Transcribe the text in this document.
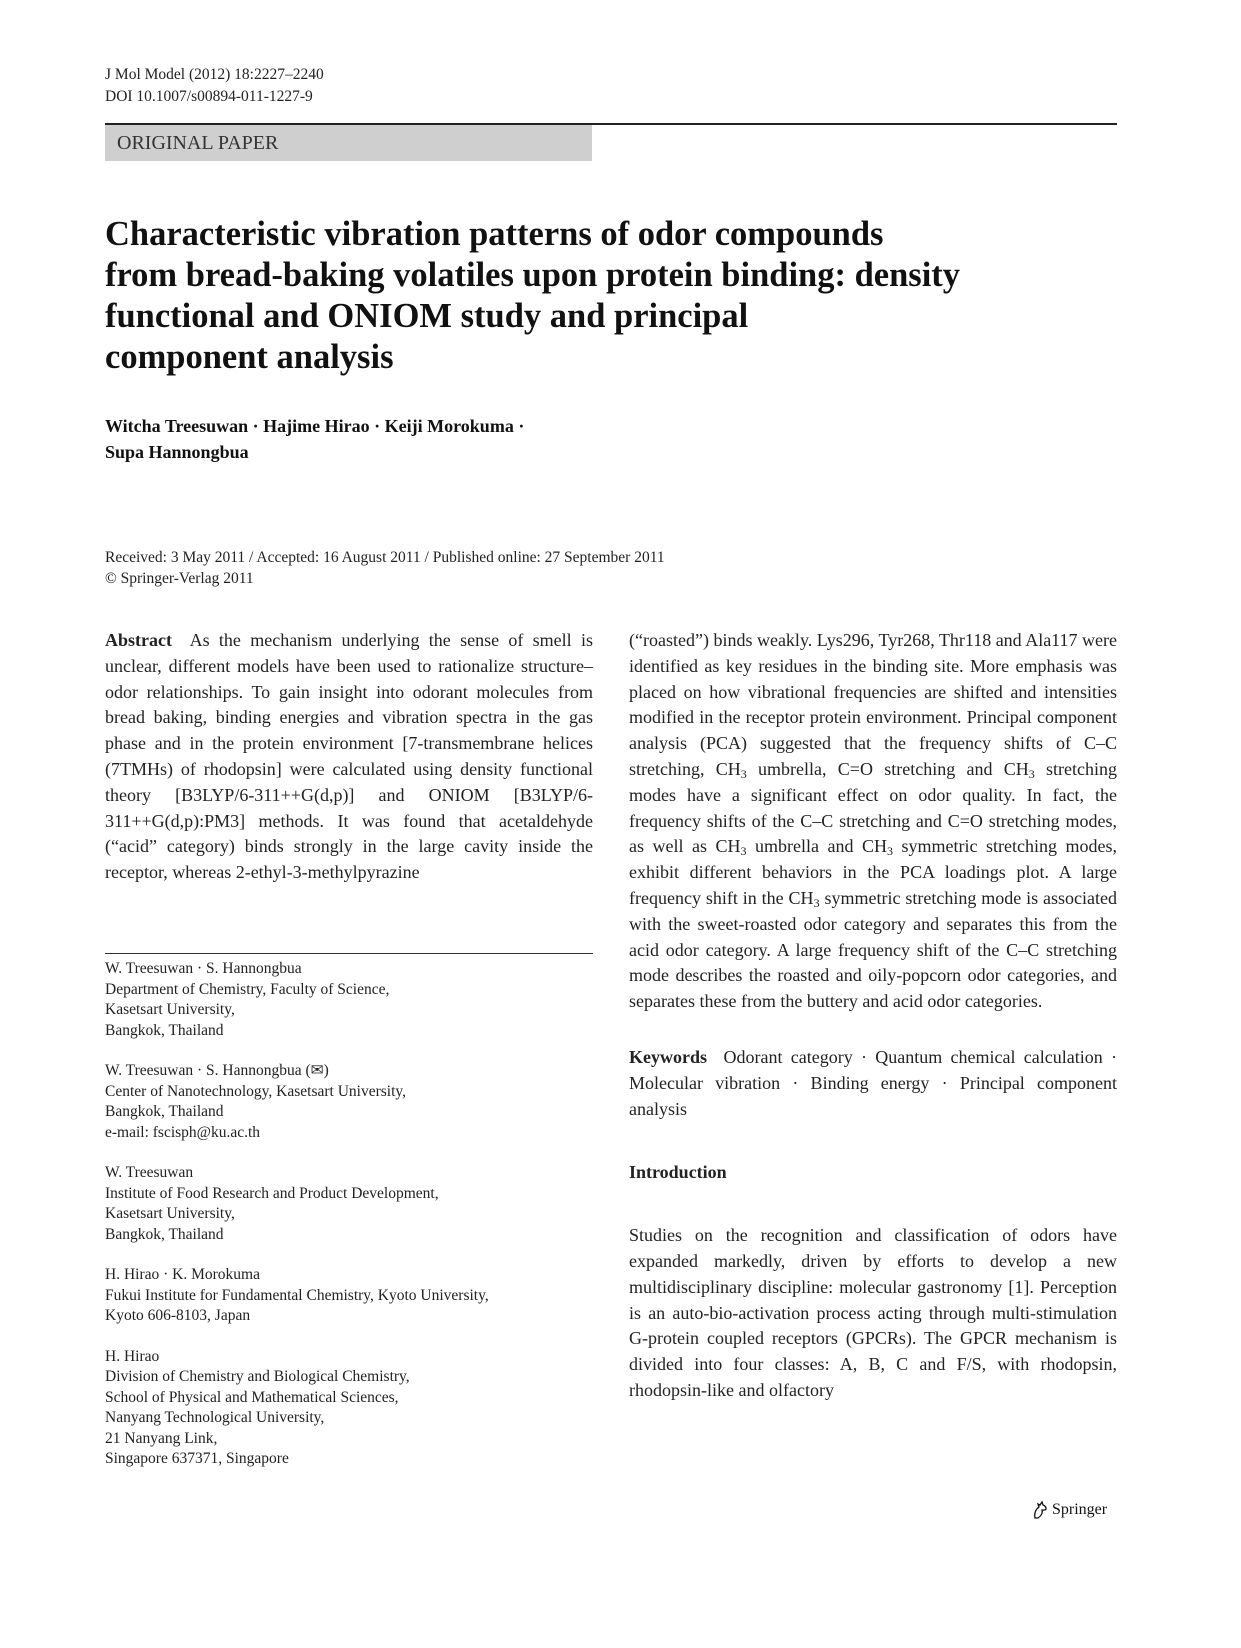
J Mol Model (2012) 18:2227–2240
DOI 10.1007/s00894-011-1227-9
ORIGINAL PAPER
Characteristic vibration patterns of odor compounds
from bread-baking volatiles upon protein binding: density
functional and ONIOM study and principal
component analysis
Witcha Treesuwan · Hajime Hirao · Keiji Morokuma ·
Supa Hannongbua
Received: 3 May 2011 / Accepted: 16 August 2011 / Published online: 27 September 2011
© Springer-Verlag 2011

Abstract As the mechanism underlying the sense of smell is unclear, different models have been used to rationalize structure–odor relationships. To gain insight into odorant molecules from bread baking, binding energies and vibration spectra in the gas phase and in the protein environment [7-transmembrane helices (7TMHs) of rhodopsin] were calculated using density functional theory [B3LYP/6-311++G(d,p)] and ONIOM [B3LYP/6-311++G(d,p):PM3] methods. It was found that acetaldehyde (“acid” category) binds strongly in the large cavity inside the receptor, whereas 2-ethyl-3-methylpyrazine

W. Treesuwan · S. Hannongbua
Department of Chemistry, Faculty of Science,
Kasetsart University,
Bangkok, Thailand

W. Treesuwan · S. Hannongbua (✉)
Center of Nanotechnology, Kasetsart University,
Bangkok, Thailand
e-mail: fscisph@ku.ac.th

W. Treesuwan
Institute of Food Research and Product Development,
Kasetsart University,
Bangkok, Thailand

H. Hirao · K. Morokuma
Fukui Institute for Fundamental Chemistry, Kyoto University,
Kyoto 606-8103, Japan

H. Hirao
Division of Chemistry and Biological Chemistry,
School of Physical and Mathematical Sciences,
Nanyang Technological University,
21 Nanyang Link,
Singapore 637371, Singapore

(“roasted”) binds weakly. Lys296, Tyr268, Thr118 and Ala117 were identified as key residues in the binding site. More emphasis was placed on how vibrational frequencies are shifted and intensities modified in the receptor protein environment. Principal component analysis (PCA) suggested that the frequency shifts of C–C stretching, $CH_3$ umbrella, C=O stretching and $CH_3$ stretching modes have a significant effect on odor quality. In fact, the frequency shifts of the C–C stretching and C=O stretching modes, as well as $CH_3$ umbrella and $CH_3$ symmetric stretching modes, exhibit different behaviors in the PCA loadings plot. A large frequency shift in the $CH_3$ symmetric stretching mode is associated with the sweet-roasted odor category and separates this from the acid odor category. A large frequency shift of the C–C stretching mode describes the roasted and oily-popcorn odor categories, and separates these from the buttery and acid odor categories.

Keywords Odorant category · Quantum chemical calculation · Molecular vibration · Binding energy · Principal component analysis

Introduction

Studies on the recognition and classification of odors have expanded markedly, driven by efforts to develop a new multidisciplinary discipline: molecular gastronomy [1]. Perception is an auto-bio-activation process acting through multi-stimulation G-protein coupled receptors (GPCRs). The GPCR mechanism is divided into four classes: A, B, C and F/S, with rhodopsin, rhodopsin-like and olfactory

Springer
